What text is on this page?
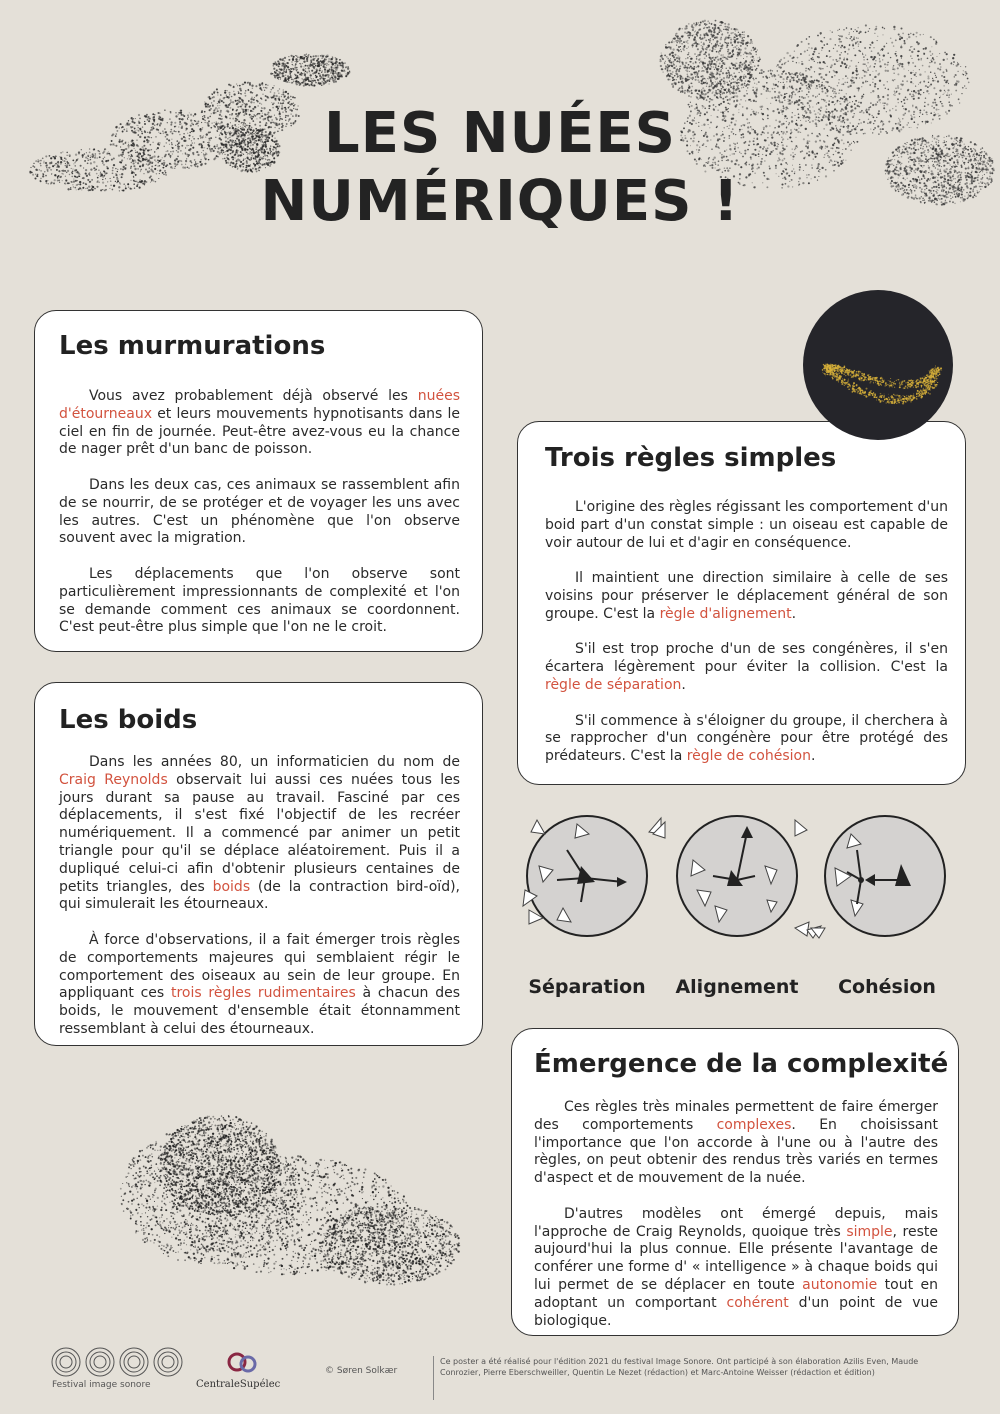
LES NUÉES
NUMÉRIQUES !
Les murmurations

Vous avez probablement déjà observé les nuées d'étourneaux et leurs mouvements hypnotisants dans le ciel en fin de journée. Peut-être avez-vous eu la chance de nager prêt d'un banc de poisson.

Dans les deux cas, ces animaux se rassemblent afin de se nourrir, de se protéger et de voyager les uns avec les autres. C'est un phénomène que l'on observe souvent avec la migration.

Les déplacements que l'on observe sont particulièrement impressionnants de complexité et l'on se demande comment ces animaux se coordonnent. C'est peut-être plus simple que l'on ne le croit.

Les boids

Dans les années 80, un informaticien du nom de Craig Reynolds observait lui aussi ces nuées tous les jours durant sa pause au travail. Fasciné par ces déplacements, il s'est fixé l'objectif de les recréer numériquement. Il a commencé par animer un petit triangle pour qu'il se déplace aléatoirement. Puis il a dupliqué celui-ci afin d'obtenir plusieurs centaines de petits triangles, des boids (de la contraction bird-oïd), qui simulerait les étourneaux.

À force d'observations, il a fait émerger trois règles de comportements majeures qui semblaient régir le comportement des oiseaux au sein de leur groupe. En appliquant ces trois règles rudimentaires à chacun des boids, le mouvement d'ensemble était étonnamment ressemblant à celui des étourneaux.

Trois règles simples

L'origine des règles régissant les comportement d'un boid part d'un constat simple : un oiseau est capable de voir autour de lui et d'agir en conséquence.

Il maintient une direction similaire à celle de ses voisins pour préserver le déplacement général de son groupe. C'est la règle d'alignement.

S'il est trop proche d'un de ses congénères, il s'en écartera légèrement pour éviter la collision. C'est la règle de séparation.

S'il commence à s'éloigner du groupe, il cherchera à se rapprocher d'un congénère pour être protégé des prédateurs. C'est la règle de cohésion.

Séparation	Alignement	Cohésion
Émergence de la complexité

Ces règles très minales permettent de faire émerger des comportements complexes. En choisissant l'importance que l'on accorde à l'une ou à l'autre des règles, on peut obtenir des rendus très variés en termes d'aspect et de mouvement de la nuée.

D'autres modèles ont émergé depuis, mais l'approche de Craig Reynolds, quoique très simple, reste aujourd'hui la plus connue. Elle présente l'avantage de conférer une forme d' « intelligence » à chaque boids qui lui permet de se déplacer en toute autonomie tout en adoptant un comportant cohérent d'un point de vue biologique.

Festival image sonore	CentraleSupélec
© Søren Solkær
Ce poster a été réalisé pour l'édition 2021 du festival Image Sonore. Ont participé à son élaboration Azilis Even, Maude Conrozier, Pierre Eberschweiller, Quentin Le Nezet (rédaction) et Marc-Antoine Weisser (rédaction et édition)
